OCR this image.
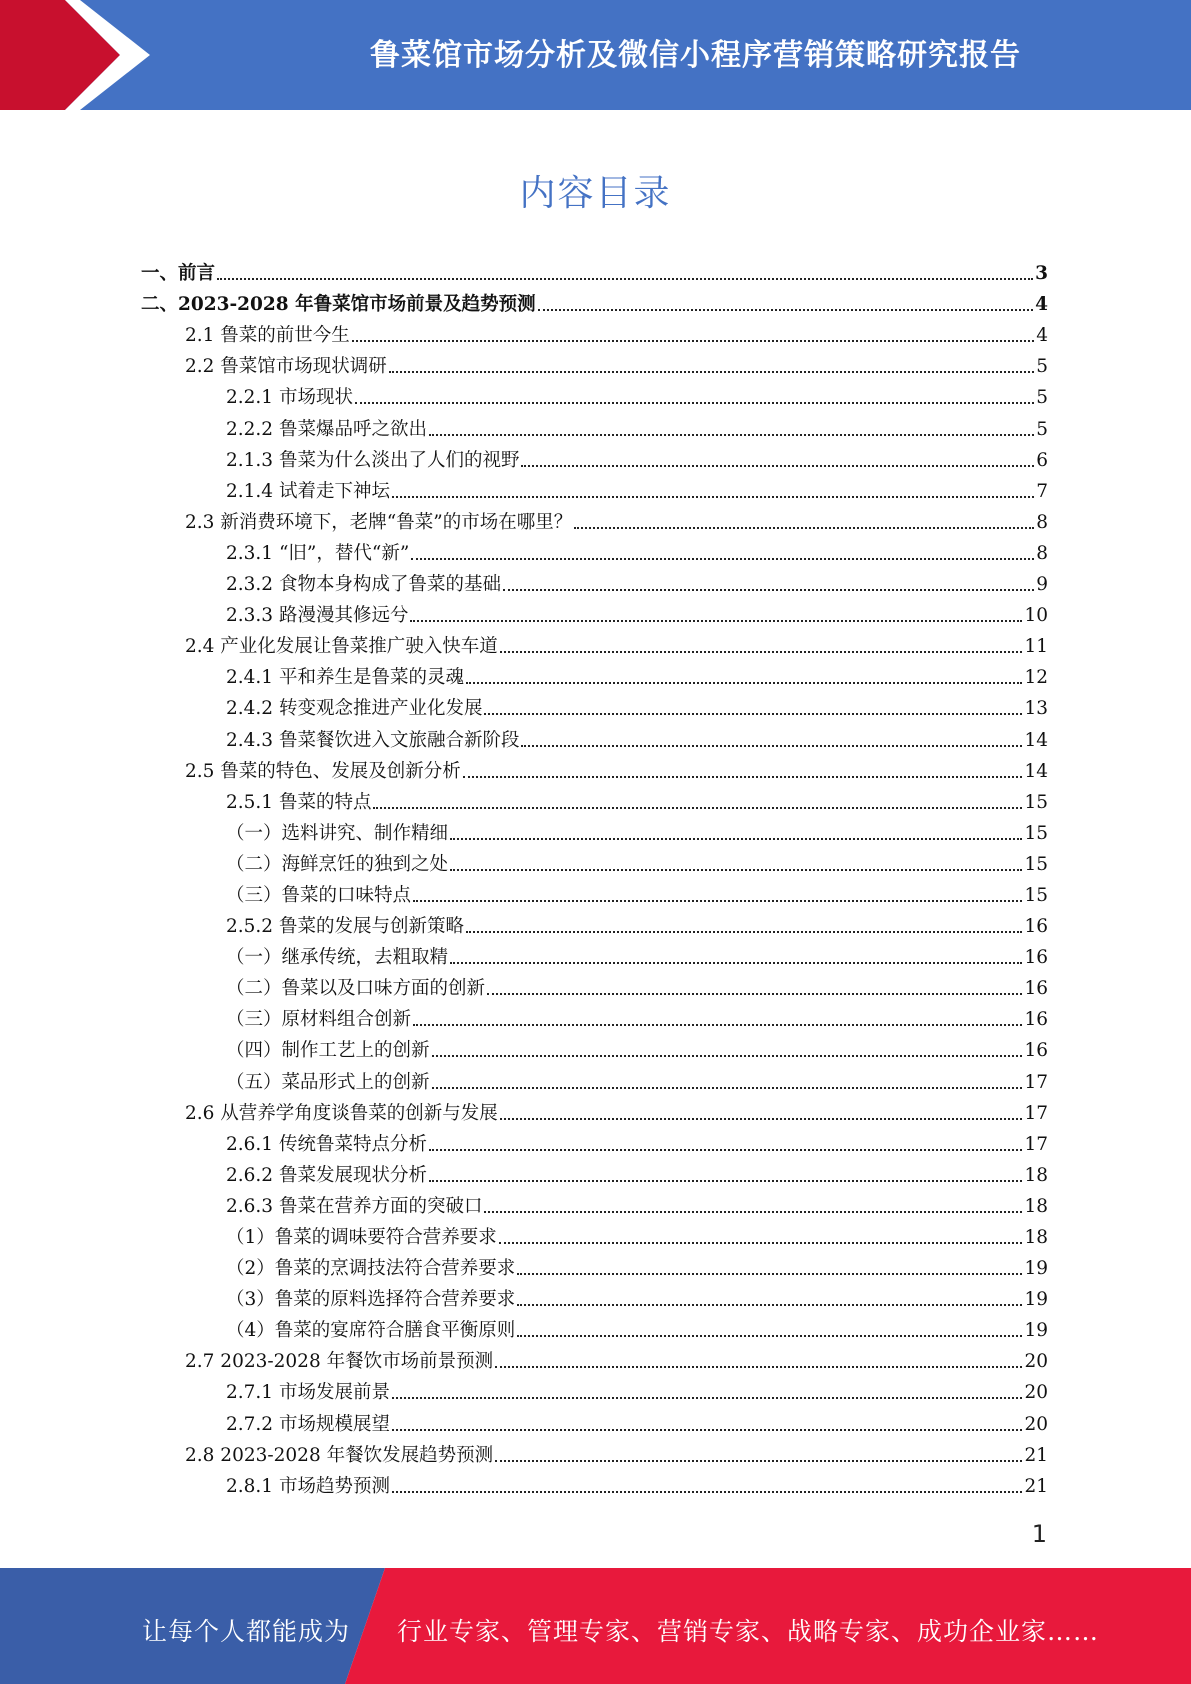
鲁菜馆市场分析及微信小程序营销策略研究报告
内容目录
一、前言	3
二、2023-2028 年鲁菜馆市场前景及趋势预测	4
2.1 鲁菜的前世今生	4
2.2 鲁菜馆市场现状调研	5
2.2.1 市场现状	5
2.2.2 鲁菜爆品呼之欲出	5
2.1.3 鲁菜为什么淡出了人们的视野	6
2.1.4 试着走下神坛	7
2.3 新消费环境下，老牌“鲁菜”的市场在哪里？	8
2.3.1 “旧”，替代“新”	8
2.3.2 食物本身构成了鲁菜的基础	9
2.3.3 路漫漫其修远兮	10
2.4 产业化发展让鲁菜推广驶入快车道	11
2.4.1 平和养生是鲁菜的灵魂	12
2.4.2 转变观念推进产业化发展	13
2.4.3 鲁菜餐饮进入文旅融合新阶段	14
2.5 鲁菜的特色、发展及创新分析	14
2.5.1 鲁菜的特点	15
（一）选料讲究、制作精细	15
（二）海鲜烹饪的独到之处	15
（三）鲁菜的口味特点	15
2.5.2 鲁菜的发展与创新策略	16
（一）继承传统，去粗取精	16
（二）鲁菜以及口味方面的创新	16
（三）原材料组合创新	16
（四）制作工艺上的创新	16
（五）菜品形式上的创新	17
2.6 从营养学角度谈鲁菜的创新与发展	17
2.6.1 传统鲁菜特点分析	17
2.6.2 鲁菜发展现状分析	18
2.6.3 鲁菜在营养方面的突破口	18
（1）鲁菜的调味要符合营养要求	18
（2）鲁菜的烹调技法符合营养要求	19
（3）鲁菜的原料选择符合营养要求	19
（4）鲁菜的宴席符合膳食平衡原则	19
2.7 2023-2028 年餐饮市场前景预测	20
2.7.1 市场发展前景	20
2.7.2 市场规模展望	20
2.8 2023-2028 年餐饮发展趋势预测	21
2.8.1 市场趋势预测	21
1
让每个人都能成为 行业专家、管理专家、营销专家、战略专家、成功企业家……
